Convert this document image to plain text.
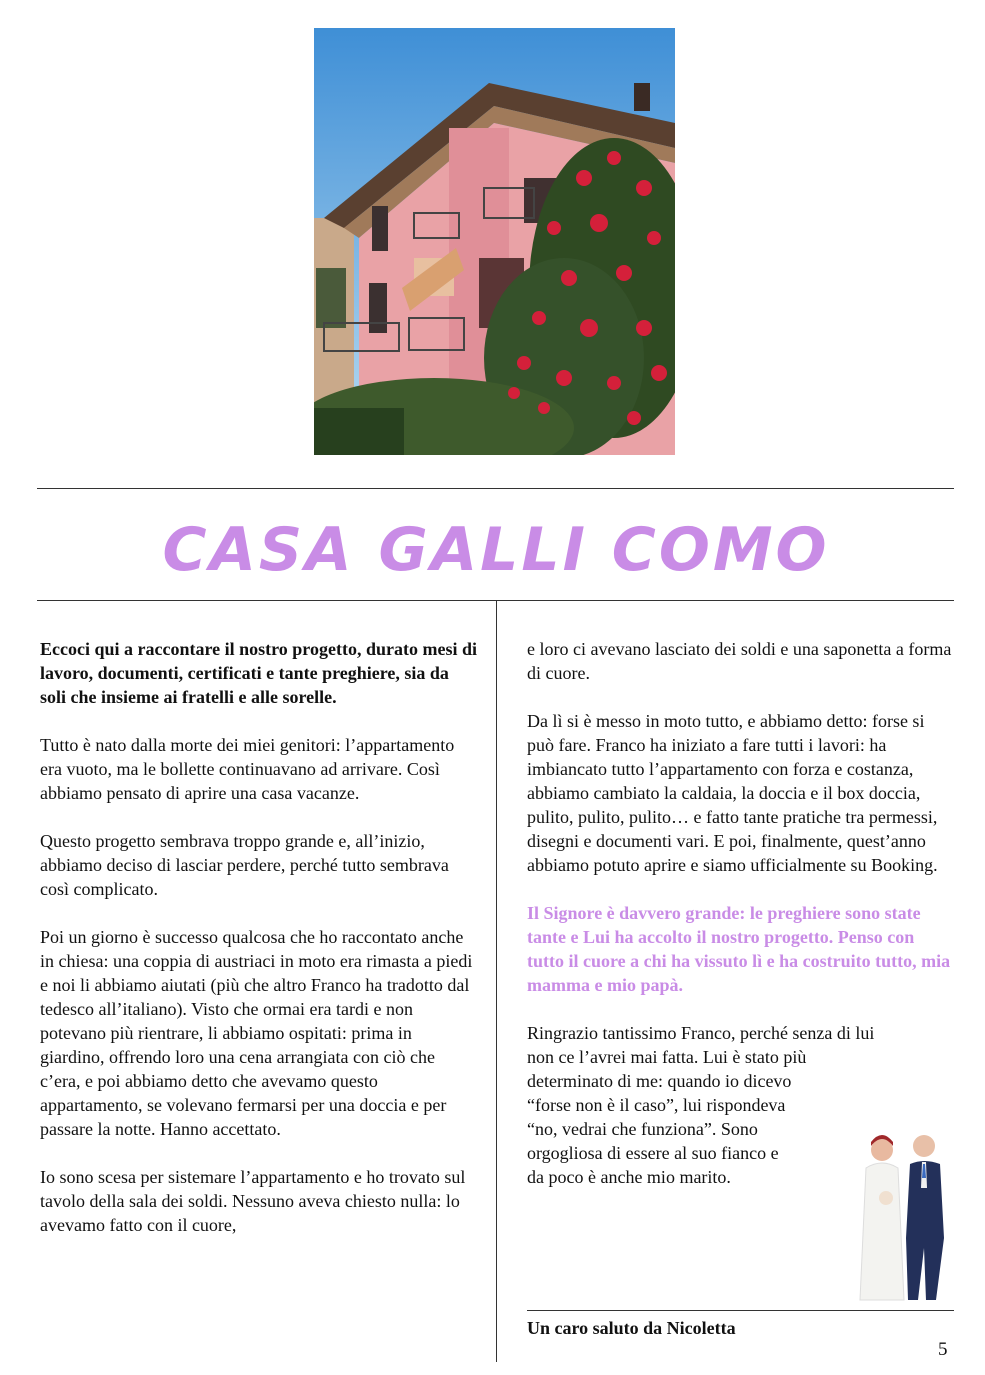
CASA GALLI COMO

Eccoci qui a raccontare il nostro progetto, durato mesi di lavoro, documenti, certificati e tante preghiere, sia da soli che insieme ai fratelli e alle sorelle.

Tutto è nato dalla morte dei miei genitori: l’appartamento era vuoto, ma le bollette continuavano ad arrivare. Così abbiamo pensato di aprire una casa vacanze.

Questo progetto sembrava troppo grande e, all’inizio, abbiamo deciso di lasciar perdere, perché tutto sembrava così complicato.

Poi un giorno è successo qualcosa che ho raccontato anche in chiesa: una coppia di austriaci in moto era rimasta a piedi e noi li abbiamo aiutati (più che altro Franco ha tradotto dal tedesco all’italiano). Visto che ormai era tardi e non potevano più rientrare, li abbiamo ospitati: prima in giardino, offrendo loro una cena arrangiata con ciò che c’era, e poi abbiamo detto che avevamo questo appartamento, se volevano fermarsi per una doccia e per passare la notte. Hanno accettato.

Io sono scesa per sistemare l’appartamento e ho trovato sul tavolo della sala dei soldi. Nessuno aveva chiesto nulla: lo avevamo fatto con il cuore,

e loro ci avevano lasciato dei soldi e una saponetta a forma di cuore.

Da lì si è messo in moto tutto, e abbiamo detto: forse si può fare. Franco ha iniziato a fare tutti i lavori: ha imbiancato tutto l’appartamento con forza e costanza, abbiamo cambiato la caldaia, la doccia e il box doccia, pulito, pulito, pulito… e fatto tante pratiche tra permessi, disegni e documenti vari. E poi, finalmente, quest’anno abbiamo potuto aprire e siamo ufficialmente su Booking.

Il Signore è davvero grande: le preghiere sono state tante e Lui ha accolto il nostro progetto. Penso con tutto il cuore a chi ha vissuto lì e ha costruito tutto, mia mamma e mio papà.

Ringrazio tantissimo Franco, perché senza di lui
non ce l’avrei mai fatta. Lui è stato più
determinato di me: quando io dicevo
“forse non è il caso”, lui rispondeva
“no, vedrai che funziona”. Sono
orgogliosa di essere al suo fianco e
da poco è anche mio marito.
Un caro saluto da Nicoletta
5
